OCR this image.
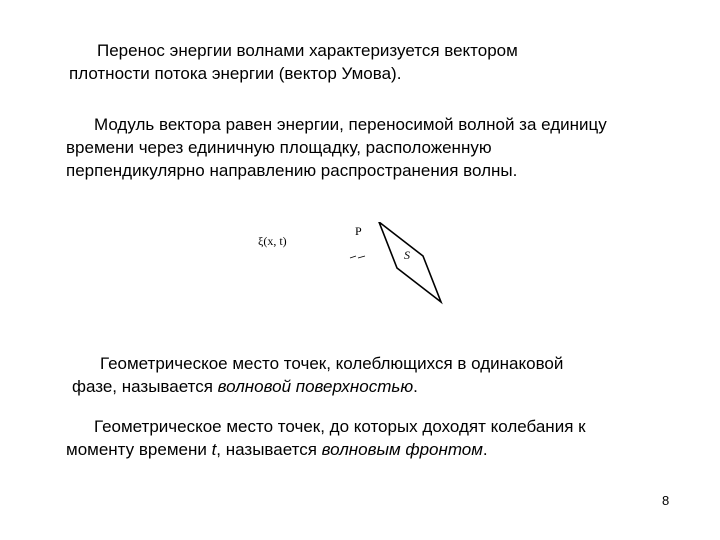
Перенос энергии волнами характеризуется вектором
плотности потока энергии (вектор Умова).
Модуль вектора равен энергии, переносимой волной за единицу
времени через единичную площадку, расположенную
перпендикулярно направлению распространения волны.
ξ(x, t)
P
S
Геометрическое место точек, колеблющихся в одинаковой
фазе, называется волновой поверхностью.
Геометрическое место точек, до которых доходят колебания к
моменту времени t, называется волновым фронтом.
8
